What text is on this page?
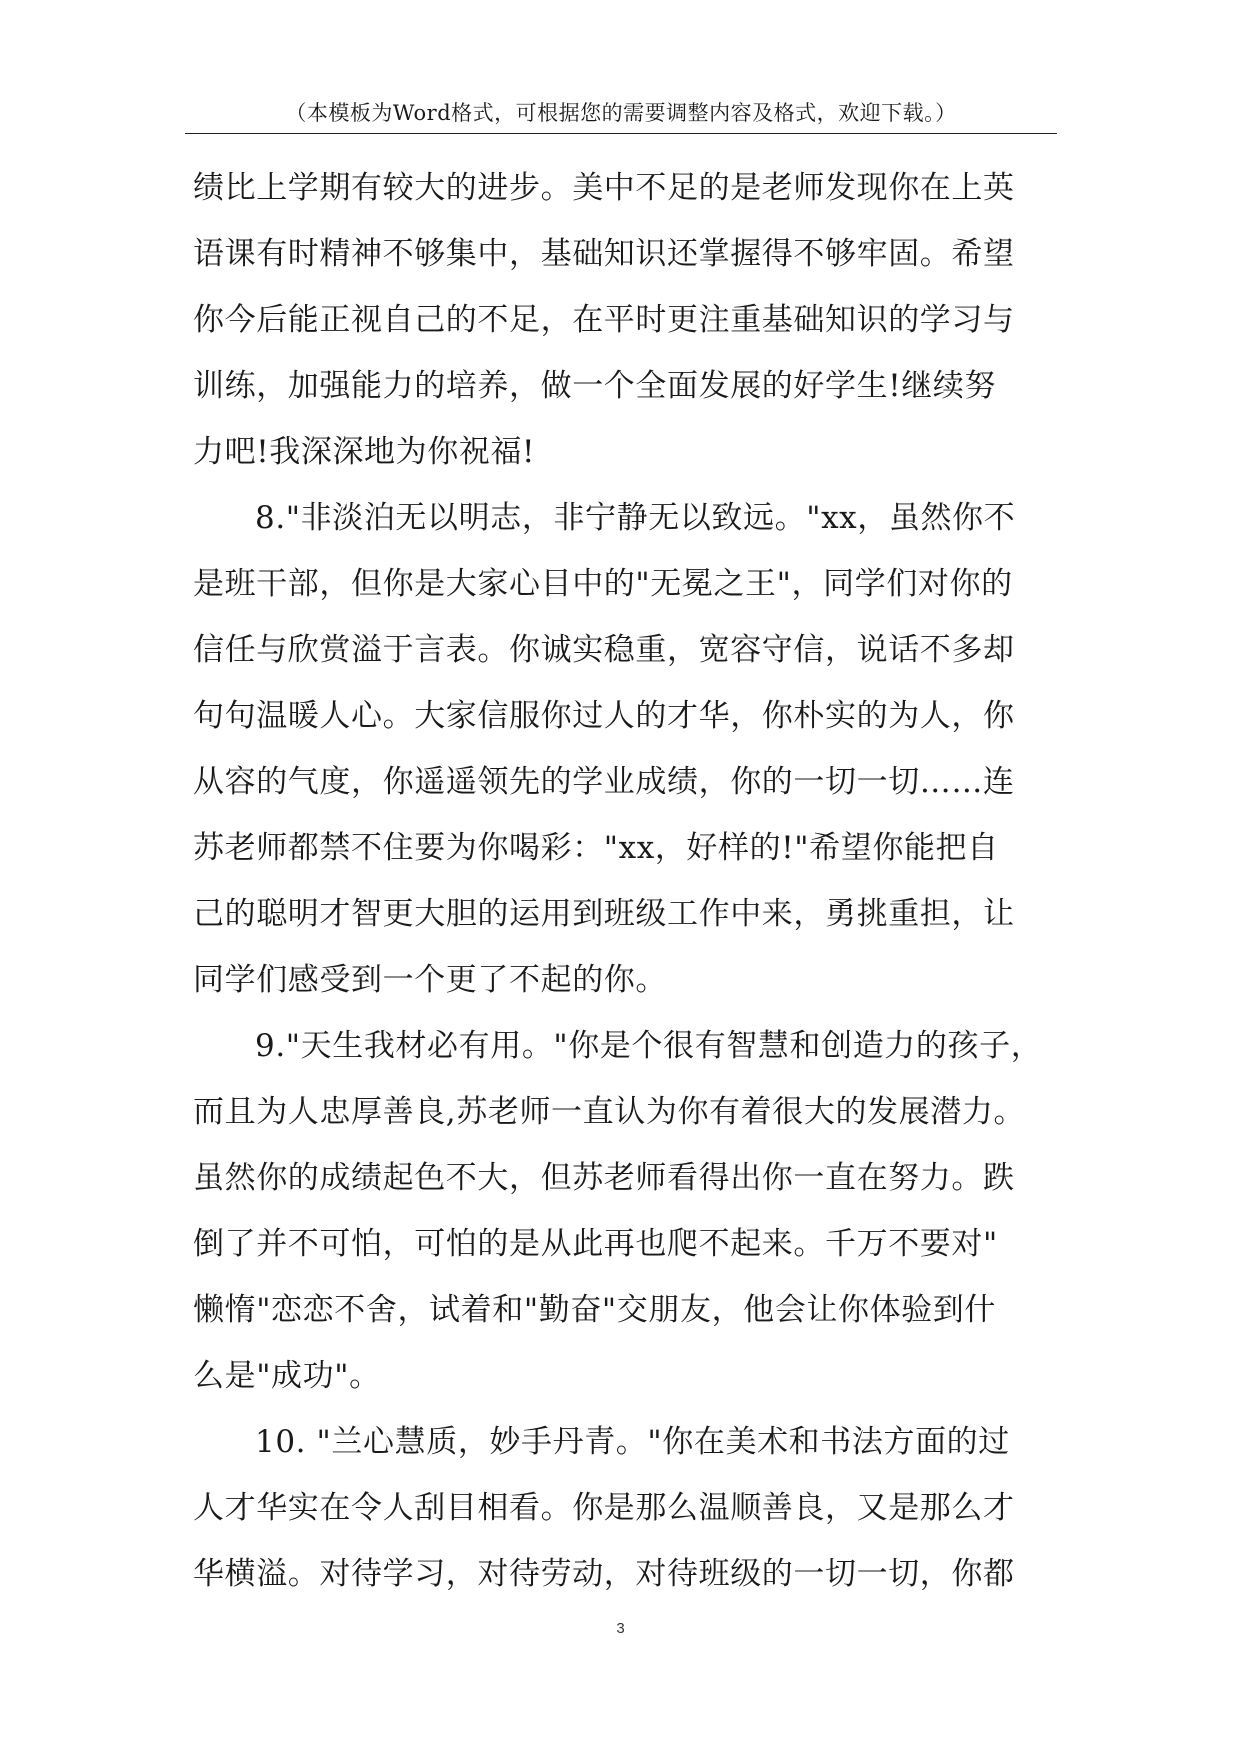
（本模板为Word格式，可根据您的需要调整内容及格式，欢迎下载。）
绩比上学期有较大的进步。美中不足的是老师发现你在上英
语课有时精神不够集中，基础知识还掌握得不够牢固。希望
你今后能正视自己的不足，在平时更注重基础知识的学习与
训练，加强能力的培养，做一个全面发展的好学生!继续努
力吧!我深深地为你祝福!
8."非淡泊无以明志，非宁静无以致远。"xx，虽然你不
是班干部，但你是大家心目中的"无冕之王"，同学们对你的
信任与欣赏溢于言表。你诚实稳重，宽容守信，说话不多却
句句温暖人心。大家信服你过人的才华，你朴实的为人，你
从容的气度，你遥遥领先的学业成绩，你的一切一切……连
苏老师都禁不住要为你喝彩："xx，好样的!"希望你能把自
己的聪明才智更大胆的运用到班级工作中来，勇挑重担，让
同学们感受到一个更了不起的你。
9."天生我材必有用。"你是个很有智慧和创造力的孩子，
而且为人忠厚善良,苏老师一直认为你有着很大的发展潜力。
虽然你的成绩起色不大，但苏老师看得出你一直在努力。跌
倒了并不可怕，可怕的是从此再也爬不起来。千万不要对"
懒惰"恋恋不舍，试着和"勤奋"交朋友，他会让你体验到什
么是"成功"。
10. "兰心慧质，妙手丹青。"你在美术和书法方面的过
人才华实在令人刮目相看。你是那么温顺善良，又是那么才
华横溢。对待学习，对待劳动，对待班级的一切一切，你都
3
